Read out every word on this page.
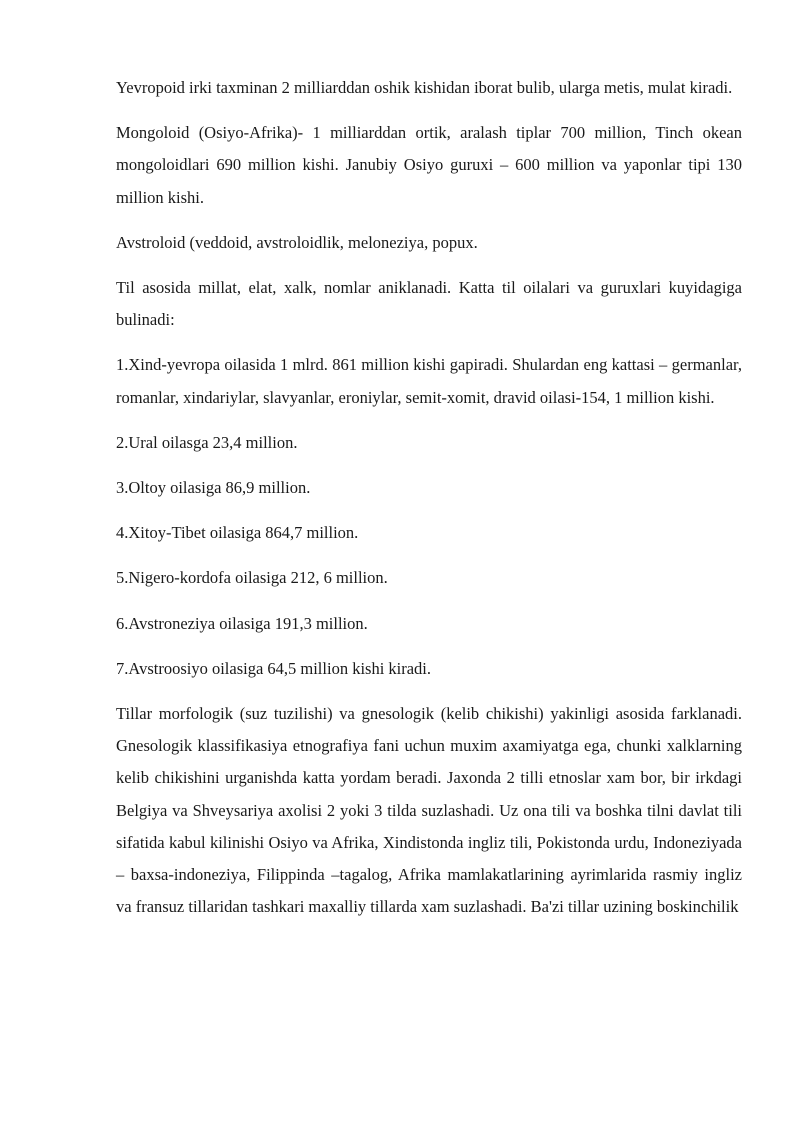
Yevropoid irki taxminan 2 milliarddan oshik kishidan iborat bulib, ularga metis, mulat kiradi.

Mongoloid (Osiyo-Afrika)- 1 milliarddan ortik, aralash tiplar 700 million, Tinch okean mongoloidlari 690 million kishi. Janubiy Osiyo guruxi – 600 million va yaponlar tipi 130 million kishi.

Avstroloid (veddoid, avstroloidlik, meloneziya, popux.

Til asosida millat, elat, xalk, nomlar aniklanadi. Katta til oilalari va guruxlari kuyidagiga bulinadi:

1.Xind-yevropa oilasida 1 mlrd. 861 million kishi gapiradi. Shulardan eng kattasi – germanlar, romanlar, xindariylar, slavyanlar, eroniylar, semit-xomit, dravid oilasi-154, 1 million kishi.

2.Ural oilasga 23,4 million.

3.Oltoy oilasiga 86,9 million.

4.Xitoy-Tibet oilasiga 864,7 million.

5.Nigero-kordofa oilasiga 212, 6 million.

6.Avstroneziya oilasiga 191,3 million.

7.Avstroosiyo oilasiga 64,5 million kishi kiradi.

Tillar morfologik (suz tuzilishi) va gnesologik (kelib chikishi) yakinligi asosida farklanadi. Gnesologik klassifikasiya etnografiya fani uchun muxim axamiyatga ega, chunki xalklarning kelib chikishini urganishda katta yordam beradi. Jaxonda 2 tilli etnoslar xam bor, bir irkdagi Belgiya va Shveysariya axolisi 2 yoki 3 tilda suzlashadi. Uz ona tili va boshka tilni davlat tili sifatida kabul kilinishi Osiyo va Afrika, Xindistonda ingliz tili, Pokistonda urdu, Indoneziyada – baxsa-indoneziya, Filippinda –tagalog, Afrika mamlakatlarining ayrimlarida rasmiy ingliz va fransuz tillaridan tashkari maxalliy tillarda xam suzlashadi. Ba'zi tillar uzining boskinchilik
